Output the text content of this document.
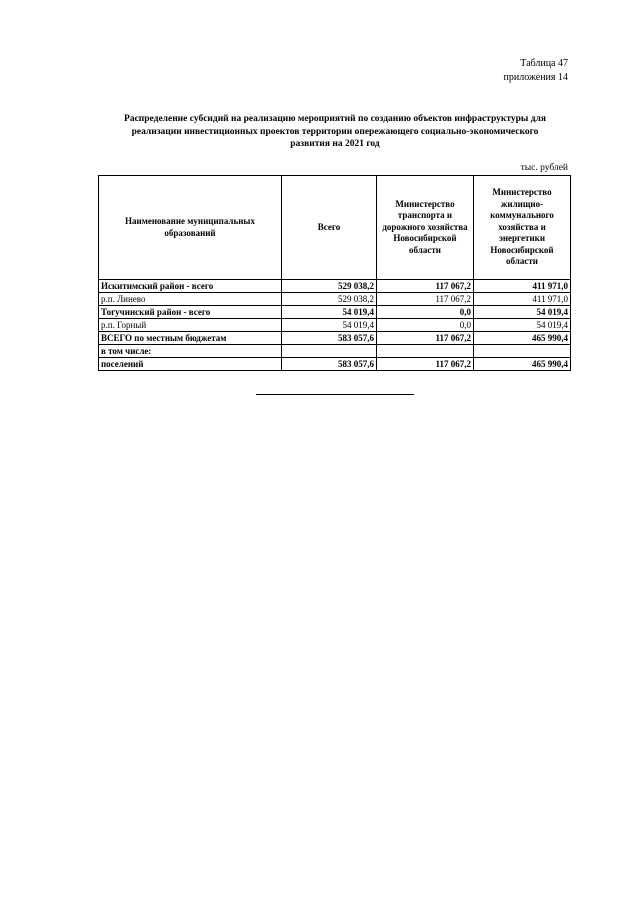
Таблица 47
приложения 14
Распределение субсидий на реализацию мероприятий по созданию объектов инфраструктуры для
реализации инвестиционных проектов территории опережающего социально-экономического
развития на 2021 год
тыс. рублей
Наименование муниципальных образований	Всего	Министерство транспорта и дорожного хозяйства Новосибирской области	Министерство жилищно-коммунального хозяйства и энергетики Новосибирской области
Искитимский район - всего	529 038,2	117 067,2	411 971,0
р.п. Линево	529 038,2	117 067,2	411 971,0
Тогучинский район - всего	54 019,4	0,0	54 019,4
р.п. Горный	54 019,4	0,0	54 019,4
ВСЕГО по местным бюджетам	583 057,6	117 067,2	465 990,4
в том числе:			
поселений	583 057,6	117 067,2	465 990,4
